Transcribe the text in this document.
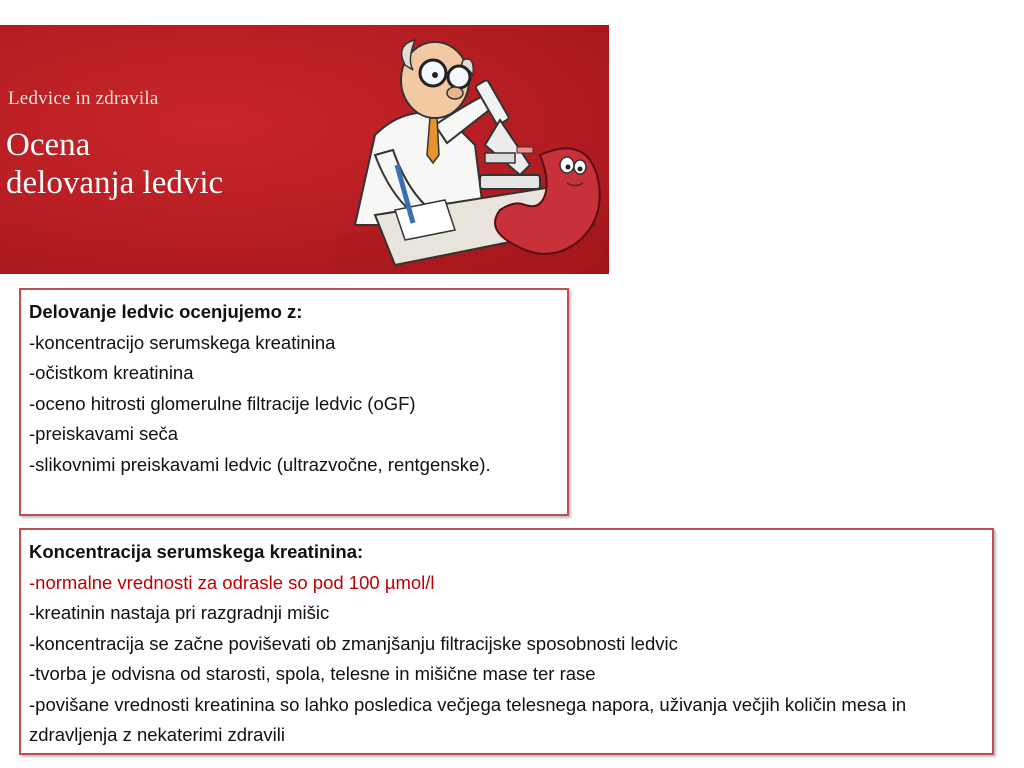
Ledvice in zdravila
Ocena
delovanja ledvic
Delovanje ledvic ocenjujemo z:
-koncentracijo serumskega kreatinina
-očistkom kreatinina
-oceno hitrosti glomerulne filtracije ledvic (oGF)
-preiskavami seča
-slikovnimi preiskavami ledvic (ultrazvočne, rentgenske).
Koncentracija serumskega kreatinina:
-normalne vrednosti za odrasle so pod 100 µmol/l
-kreatinin nastaja pri razgradnji mišic
-koncentracija se začne poviševati ob zmanjšanju filtracijske sposobnosti ledvic
-tvorba je odvisna od starosti, spola, telesne in mišične mase ter rase
-povišane vrednosti kreatinina so lahko posledica večjega telesnega napora, uživanja večjih količin mesa in zdravljenja z nekaterimi zdravili
